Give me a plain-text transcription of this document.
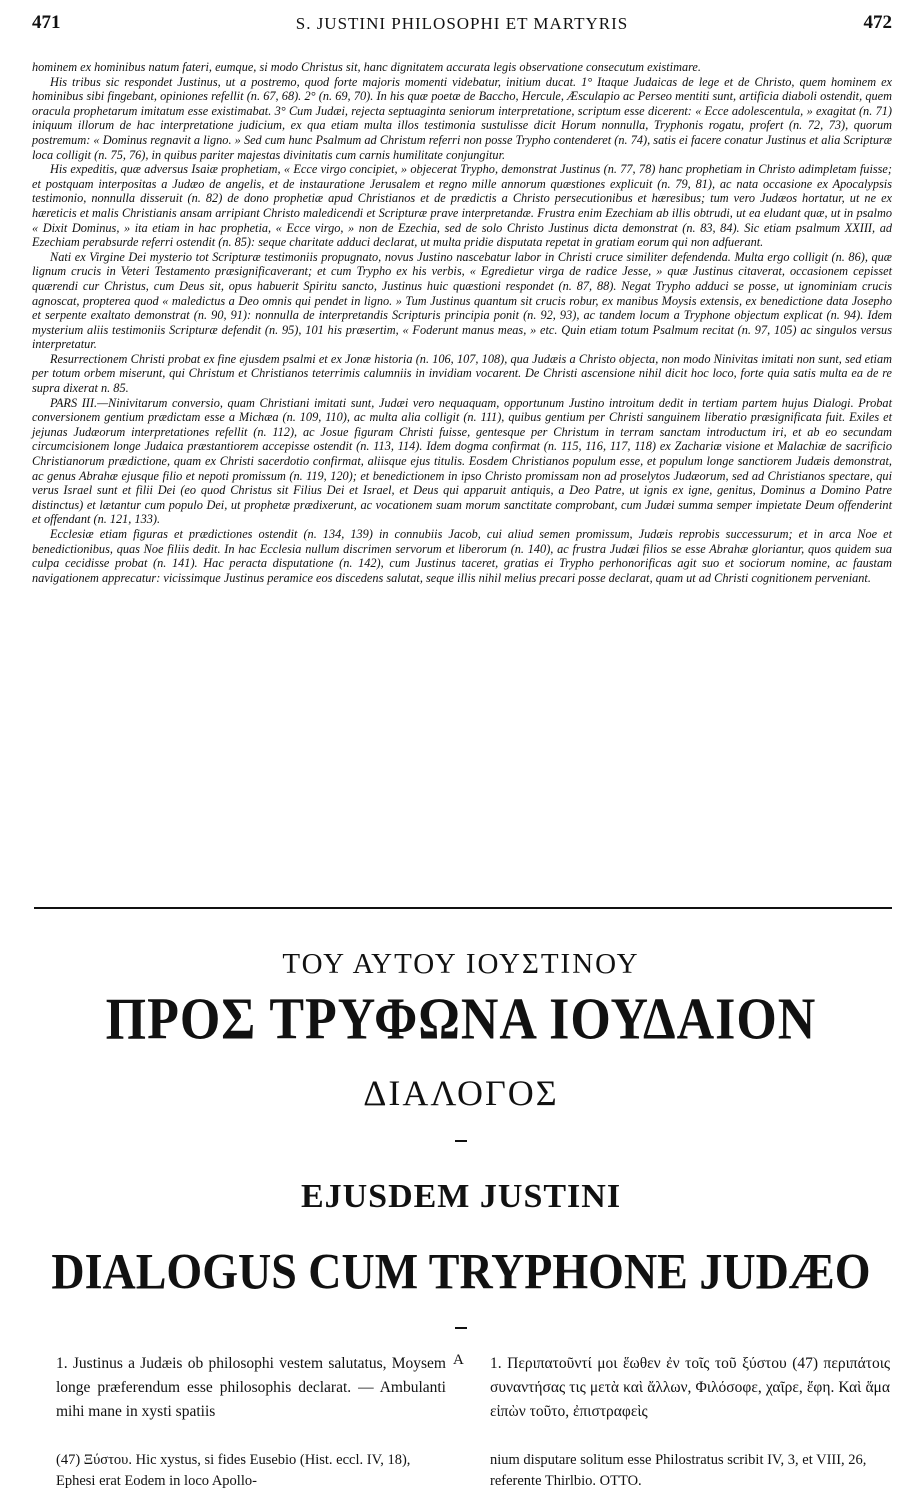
471	S. JUSTINI PHILOSOPHI ET MARTYRIS	472

hominem ex hominibus natum fateri, eumque, si modo Christus sit, hanc dignitatem accurata legis observatione consecutum existimare.

His tribus sic respondet Justinus, ut a postremo, quod forte majoris momenti videbatur, initium ducat. 1° Itaque Judaicas de lege et de Christo, quem hominem ex hominibus sibi fingebant, opiniones refellit (n. 67, 68). 2° (n. 69, 70). In his quæ poetæ de Baccho, Hercule, Æsculapio ac Perseo mentiti sunt, artificia diaboli ostendit, quem oracula prophetarum imitatum esse existimabat. 3° Cum Judæi, rejecta septuaginta seniorum interpretatione, scriptum esse dicerent: « Ecce adolescentula, » exagitat (n. 71) iniquum illorum de hac interpretatione judicium, ex qua etiam multa illos testimonia sustulisse dicit Horum nonnulla, Tryphonis rogatu, profert (n. 72, 73), quorum postremum: « Dominus regnavit a ligno. » Sed cum hunc Psalmum ad Christum referri non posse Trypho contenderet (n. 74), satis ei facere conatur Justinus et alia Scripturæ loca colligit (n. 75, 76), in quibus pariter majestas divinitatis cum carnis humilitate conjungitur.

His expeditis, quæ adversus Isaiæ prophetiam, « Ecce virgo concipiet, » objecerat Trypho, demonstrat Justinus (n. 77, 78) hanc prophetiam in Christo adimpletam fuisse; et postquam interpositas a Judæo de angelis, et de instauratione Jerusalem et regno mille annorum quæstiones explicuit (n. 79, 81), ac nata occasione ex Apocalypsis testimonio, nonnulla disseruit (n. 82) de dono prophetiæ apud Christianos et de prædictis a Christo persecutionibus et hæresibus; tum vero Judæos hortatur, ut ne ex hæreticis et malis Christianis ansam arripiant Christo maledicendi et Scripturæ prave interpretandæ. Frustra enim Ezechiam ab illis obtrudi, ut ea eludant quæ, ut in psalmo « Dixit Dominus, » ita etiam in hac prophetia, « Ecce virgo, » non de Ezechia, sed de solo Christo Justinus dicta demonstrat (n. 83, 84). Sic etiam psalmum XXIII, ad Ezechiam perabsurde referri ostendit (n. 85): seque charitate adduci declarat, ut multa pridie disputata repetat in gratiam eorum qui non adfuerant.

Nati ex Virgine Dei mysterio tot Scripturæ testimoniis propugnato, novus Justino nascebatur labor in Christi cruce similiter defendenda. Multa ergo colligit (n. 86), quæ lignum crucis in Veteri Testamento præsignificaverant; et cum Trypho ex his verbis, « Egredietur virga de radice Jesse, » quæ Justinus citaverat, occasionem cepisset quærendi cur Christus, cum Deus sit, opus habuerit Spiritu sancto, Justinus huic quæstioni respondet (n. 87, 88). Negat Trypho adduci se posse, ut ignominiam crucis agnoscat, propterea quod « maledictus a Deo omnis qui pendet in ligno. » Tum Justinus quantum sit crucis robur, ex manibus Moysis extensis, ex benedictione data Josepho et serpente exaltato demonstrat (n. 90, 91): nonnulla de interpretandis Scripturis principia ponit (n. 92, 93), ac tandem locum a Tryphone objectum explicat (n. 94). Idem mysterium aliis testimoniis Scripturæ defendit (n. 95), 101 his præsertim, « Foderunt manus meas, » etc. Quin etiam totum Psalmum recitat (n. 97, 105) ac singulos versus interpretatur.

Resurrectionem Christi probat ex fine ejusdem psalmi et ex Jonæ historia (n. 106, 107, 108), qua Judæis a Christo objecta, non modo Ninivitas imitati non sunt, sed etiam per totum orbem miserunt, qui Christum et Christianos teterrimis calumniis in invidiam vocarent. De Christi ascensione nihil dicit hoc loco, forte quia satis multa ea de re supra dixerat n. 85.

PARS III.—Ninivitarum conversio, quam Christiani imitati sunt, Judæi vero nequaquam, opportunum Justino introitum dedit in tertiam partem hujus Dialogi. Probat conversionem gentium prædictam esse a Michæa (n. 109, 110), ac multa alia colligit (n. 111), quibus gentium per Christi sanguinem liberatio præsignificata fuit. Exiles et jejunas Judæorum interpretationes refellit (n. 112), ac Josue figuram Christi fuisse, gentesque per Christum in terram sanctam introductum iri, et ab eo secundam circumcisionem longe Judaica præstantiorem accepisse ostendit (n. 113, 114). Idem dogma confirmat (n. 115, 116, 117, 118) ex Zachariæ visione et Malachiæ de sacrificio Christianorum prædictione, quam ex Christi sacerdotio confirmat, aliisque ejus titulis. Eosdem Christianos populum esse, et populum longe sanctiorem Judæis demonstrat, ac genus Abrahæ ejusque filio et nepoti promissum (n. 119, 120); et benedictionem in ipso Christo promissam non ad proselytos Judæorum, sed ad Christianos spectare, qui verus Israel sunt et filii Dei (eo quod Christus sit Filius Dei et Israel, et Deus qui apparuit antiquis, a Deo Patre, ut ignis ex igne, genitus, Dominus a Domino Patre distinctus) et lætantur cum populo Dei, ut prophetæ prædixerunt, ac vocationem suam morum sanctitate comprobant, cum Judæi summa semper impietate Deum offenderint et offendant (n. 121, 133).

Ecclesiæ etiam figuras et prædictiones ostendit (n. 134, 139) in connubiis Jacob, cui aliud semen promissum, Judæis reprobis successurum; et in arca Noe et benedictionibus, quas Noe filiis dedit. In hac Ecclesia nullum discrimen servorum et liberorum (n. 140), ac frustra Judæi filios se esse Abrahæ gloriantur, quos quidem sua culpa cecidisse probat (n. 141). Hac peracta disputatione (n. 142), cum Justinus taceret, gratias ei Trypho perhonorificas agit suo et sociorum nomine, ac faustam navigationem apprecatur: vicissimque Justinus peramice eos discedens salutat, seque illis nihil melius precari posse declarat, quam ut ad Christi cognitionem perveniant.

ΤΟΥ ΑΥΤΟΥ ΙΟΥΣΤΙΝΟΥ
ΠΡΟΣ ΤΡΥΦΩΝΑ ΙΟΥΔΑΙΟΝ
ΔΙΑΛΟΓΟΣ
EJUSDEM JUSTINI
DIALOGUS CUM TRYPHONE JUDÆO
1. Justinus a Judæis ob philosophi vestem salutatus, Moysem longe præferendum esse philosophis declarat. — Ambulanti mihi mane in xysti spatiis
A 1. Περιπατοῦντί μοι ἕωθεν ἐν τοῖς τοῦ ξύστου (47) περιπάτοις συναντήσας τις μετὰ καὶ ἄλλων, Φιλόσοφε, χαῖρε, ἔφη. Καὶ ἅμα εἰπὼν τοῦτο, ἐπιστραφεὶς
(47) Ξύστου. Hic xystus, si fides Eusebio (Hist. eccl. IV, 18), Ephesi erat Eodem in loco Apollo-
nium disputare solitum esse Philostratus scribit IV, 3, et VIII, 26, referente Thirlbio. OTTO.
